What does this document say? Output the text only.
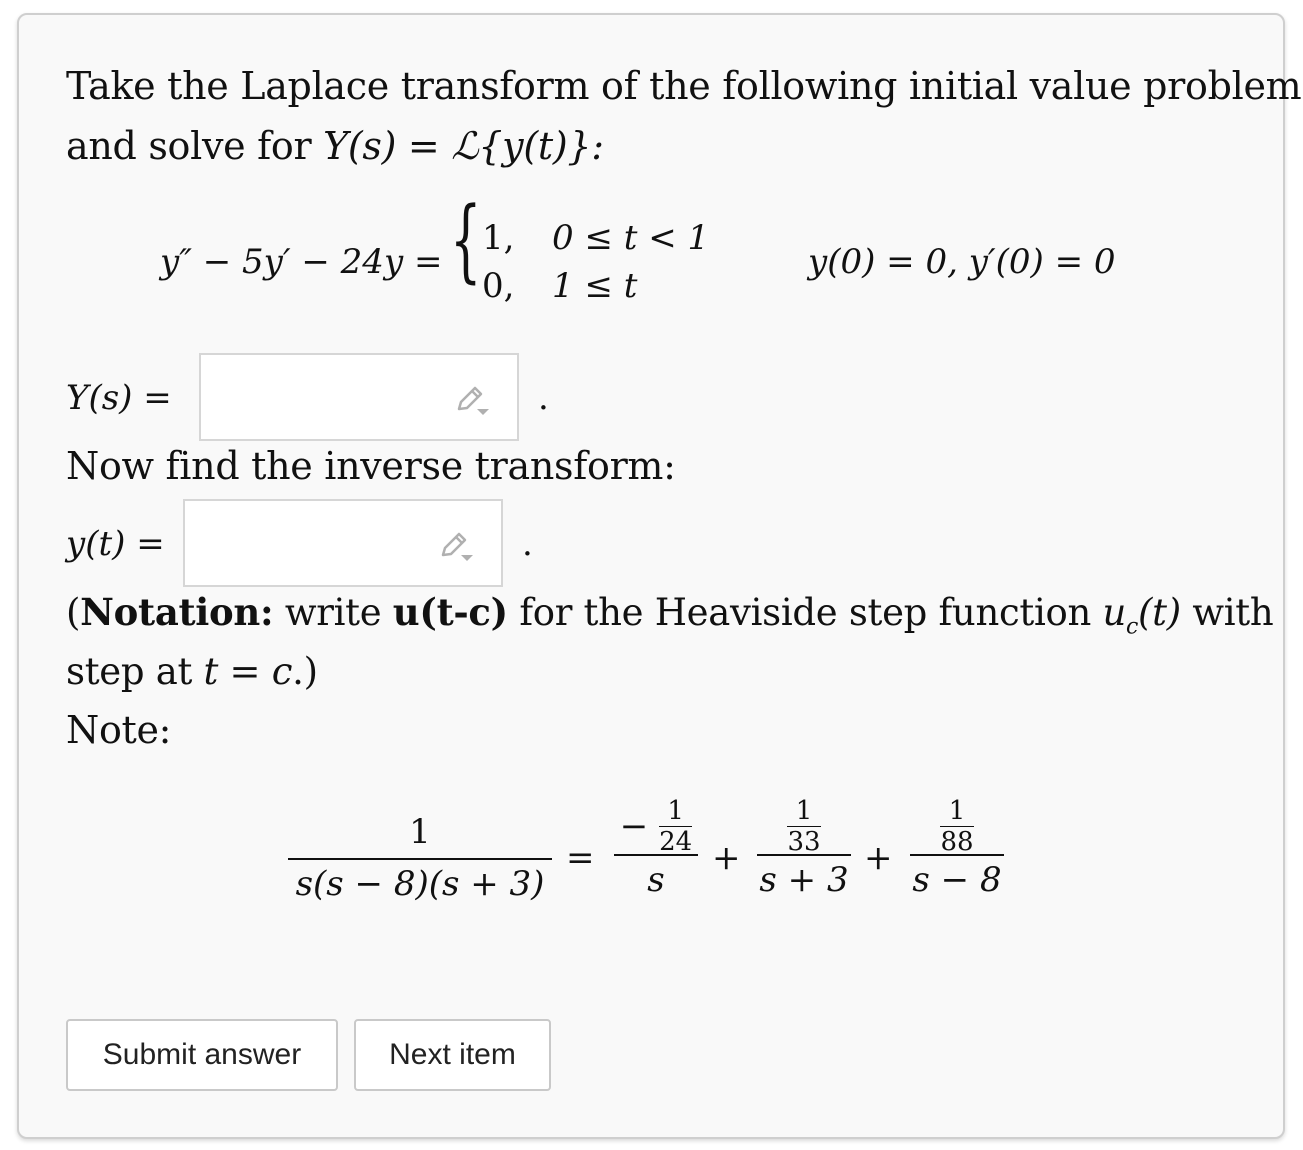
Take the Laplace transform of the following initial value problem
and solve for Y(s) = ℒ{y(t)}:
y″ − 5y′ − 24y = { 1, 0 ≤ t < 1
0, 1 ≤ t
y(0) = 0, y′(0) = 0
Y(s) =	.
Now find the inverse transform:
y(t) =	.
(Notation: write u(t-c) for the Heaviside step function $u_c(t)$ with
step at t = c.)
Note:
1
s(s − 8)(s + 3)
=
− $\frac{1}{24}$
s
+
$\frac{1}{33}$
s + 3
+
$\frac{1}{88}$
s − 8
Submit answer	Next item
